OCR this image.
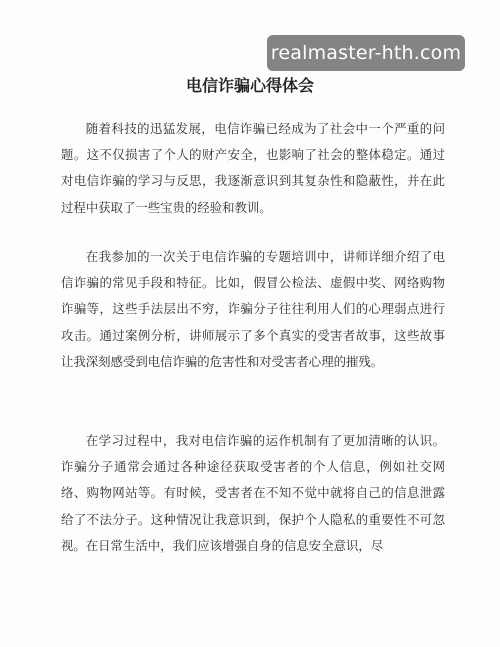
电信诈骗心得体会

随着科技的迅猛发展，电信诈骗已经成为了社会中一个严重的问题。这不仅损害了个人的财产安全，也影响了社会的整体稳定。通过对电信诈骗的学习与反思，我逐渐意识到其复杂性和隐蔽性，并在此过程中获取了一些宝贵的经验和教训。

在我参加的一次关于电信诈骗的专题培训中，讲师详细介绍了电信诈骗的常见手段和特征。比如，假冒公检法、虚假中奖、网络购物诈骗等，这些手法层出不穷，诈骗分子往往利用人们的心理弱点进行攻击。通过案例分析，讲师展示了多个真实的受害者故事，这些故事让我深刻感受到电信诈骗的危害性和对受害者心理的摧残。

在学习过程中，我对电信诈骗的运作机制有了更加清晰的认识。诈骗分子通常会通过各种途径获取受害者的个人信息，例如社交网络、购物网站等。有时候，受害者在不知不觉中就将自己的信息泄露给了不法分子。这种情况让我意识到，保护个人隐私的重要性不可忽视。在日常生活中，我们应该增强自身的信息安全意识，尽

realmaster-hth.com
